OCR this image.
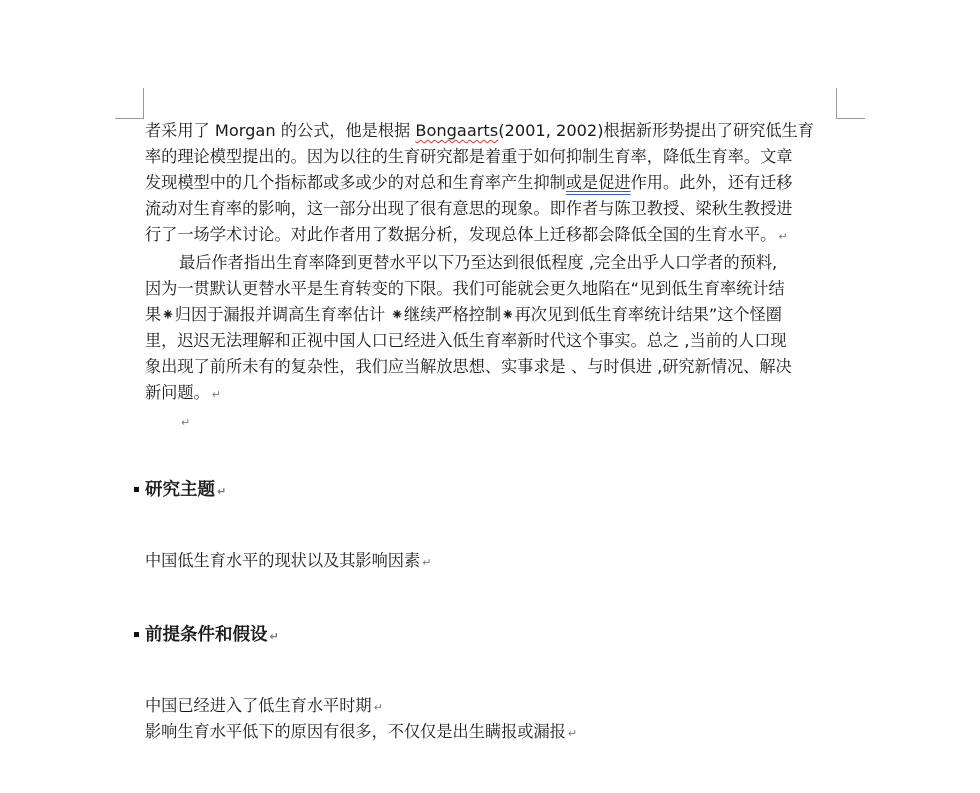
者采用了 Morgan 的公式，他是根据 Bongaarts(2001, 2002)根据新形势提出了研究低生育
率的理论模型提出的。因为以往的生育研究都是着重于如何抑制生育率，降低生育率。文章
发现模型中的几个指标都或多或少的对总和生育率产生抑制或是促进作用。此外，还有迁移
流动对生育率的影响，这一部分出现了很有意思的现象。即作者与陈卫教授、梁秋生教授进
行了一场学术讨论。对此作者用了数据分析，发现总体上迁移都会降低全国的生育水平。 ↵
最后作者指出生育率降到更替水平以下乃至达到很低程度 ,完全出乎人口学者的预料,
因为一贯默认更替水平是生育转变的下限。我们可能就会更久地陷在“见到低生育率统计结
果⁕归因于漏报并调高生育率估计 ⁕继续严格控制⁕再次见到低生育率统计结果”这个怪圈
里，迟迟无法理解和正视中国人口已经进入低生育率新时代这个事实。总之 ,当前的人口现
象出现了前所未有的复杂性，我们应当解放思想、实事求是 、与时俱进 ,研究新情况、解决
新问题。 ↵
↵
研究主题 ↵
中国低生育水平的现状以及其影响因素 ↵
前提条件和假设 ↵
中国已经进入了低生育水平时期 ↵
影响生育水平低下的原因有很多，不仅仅是出生瞒报或漏报 ↵
